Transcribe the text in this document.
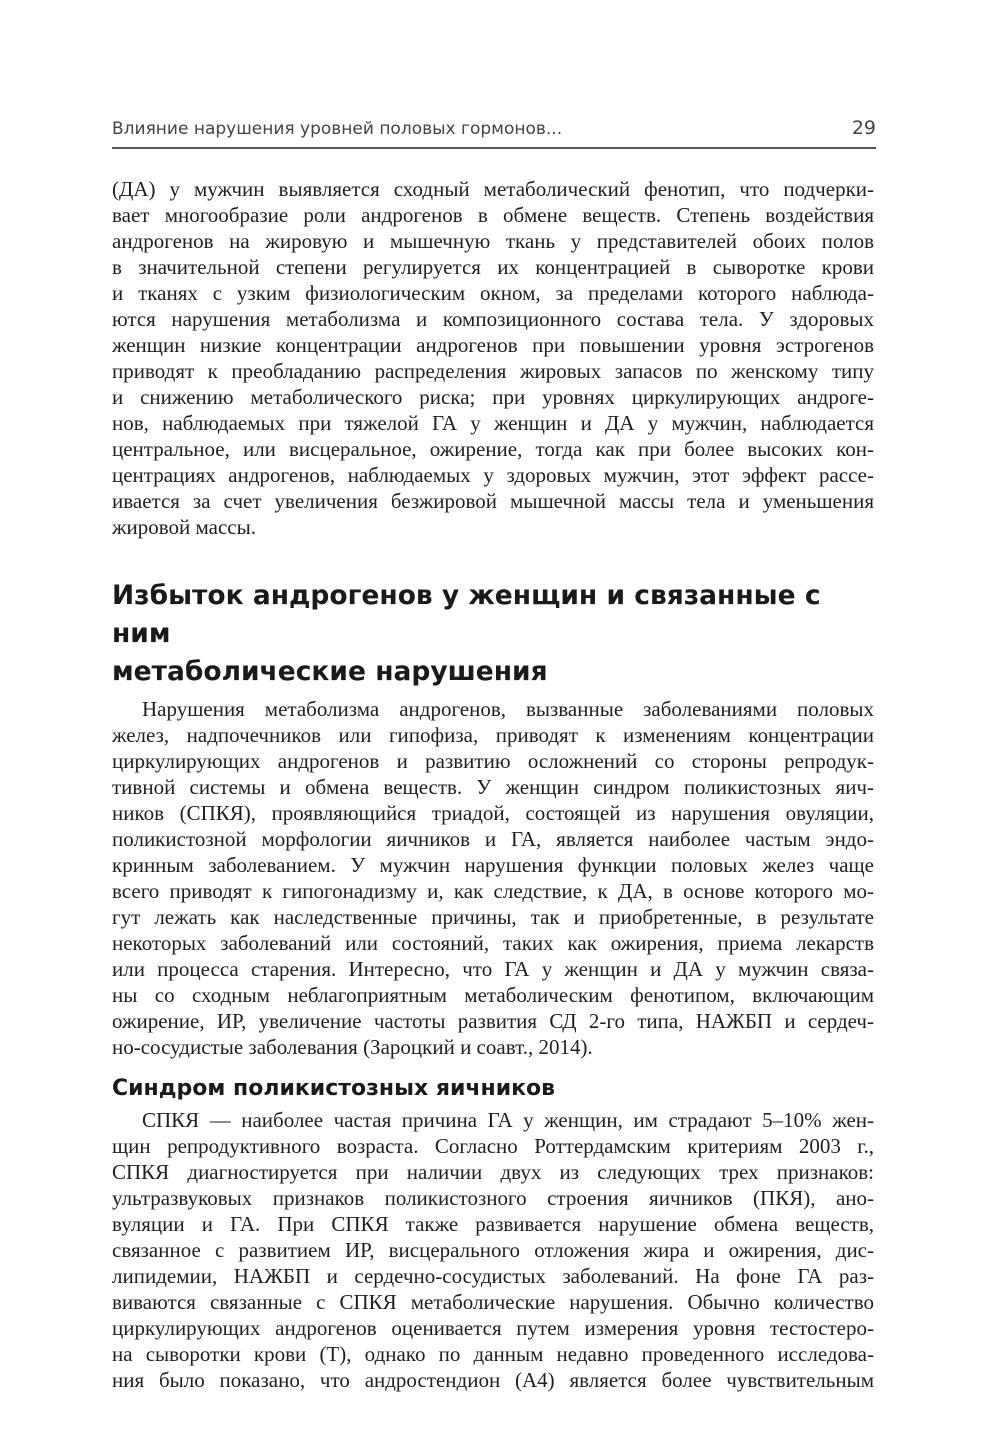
Влияние нарушения уровней половых гормонов...	29
(ДА) у мужчин выявляется сходный метаболический фенотип, что подчерки-
вает многообразие роли андрогенов в обмене веществ. Степень воздействия
андрогенов на жировую и мышечную ткань у представителей обоих полов
в значительной степени регулируется их концентрацией в сыворотке крови
и тканях с узким физиологическим окном, за пределами которого наблюда-
ются нарушения метаболизма и композиционного состава тела. У здоровых
женщин низкие концентрации андрогенов при повышении уровня эстрогенов
приводят к преобладанию распределения жировых запасов по женскому типу
и снижению метаболического риска; при уровнях циркулирующих андроге-
нов, наблюдаемых при тяжелой ГА у женщин и ДА у мужчин, наблюдается
центральное, или висцеральное, ожирение, тогда как при более высоких кон-
центрациях андрогенов, наблюдаемых у здоровых мужчин, этот эффект рассе-
ивается за счет увеличения безжировой мышечной массы тела и уменьшения
жировой массы.
Избыток андрогенов у женщин и связанные с ним
метаболические нарушения
Нарушения метаболизма андрогенов, вызванные заболеваниями половых
желез, надпочечников или гипофиза, приводят к изменениям концентрации
циркулирующих андрогенов и развитию осложнений со стороны репродук-
тивной системы и обмена веществ. У женщин синдром поликистозных яич-
ников (СПКЯ), проявляющийся триадой, состоящей из нарушения овуляции,
поликистозной морфологии яичников и ГА, является наиболее частым эндо-
кринным заболеванием. У мужчин нарушения функции половых желез чаще
всего приводят к гипогонадизму и, как следствие, к ДА, в основе которого мо-
гут лежать как наследственные причины, так и приобретенные, в результате
некоторых заболеваний или состояний, таких как ожирения, приема лекарств
или процесса старения. Интересно, что ГА у женщин и ДА у мужчин связа-
ны со сходным неблагоприятным метаболическим фенотипом, включающим
ожирение, ИР, увеличение частоты развития СД 2-го типа, НАЖБП и сердеч-
но-сосудистые заболевания (Зароцкий и соавт., 2014).
Синдром поликистозных яичников
СПКЯ — наиболее частая причина ГА у женщин, им страдают 5–10% жен-
щин репродуктивного возраста. Согласно Роттердамским критериям 2003 г.,
СПКЯ диагностируется при наличии двух из следующих трех признаков:
ультразвуковых признаков поликистозного строения яичников (ПКЯ), ано-
вуляции и ГА. При СПКЯ также развивается нарушение обмена веществ,
связанное с развитием ИР, висцерального отложения жира и ожирения, дис-
липидемии, НАЖБП и сердечно-сосудистых заболеваний. На фоне ГА раз-
виваются связанные с СПКЯ метаболические нарушения. Обычно количество
циркулирующих андрогенов оценивается путем измерения уровня тестостеро-
на сыворотки крови (Т), однако по данным недавно проведенного исследова-
ния было показано, что андростендион (А4) является более чувствительным
